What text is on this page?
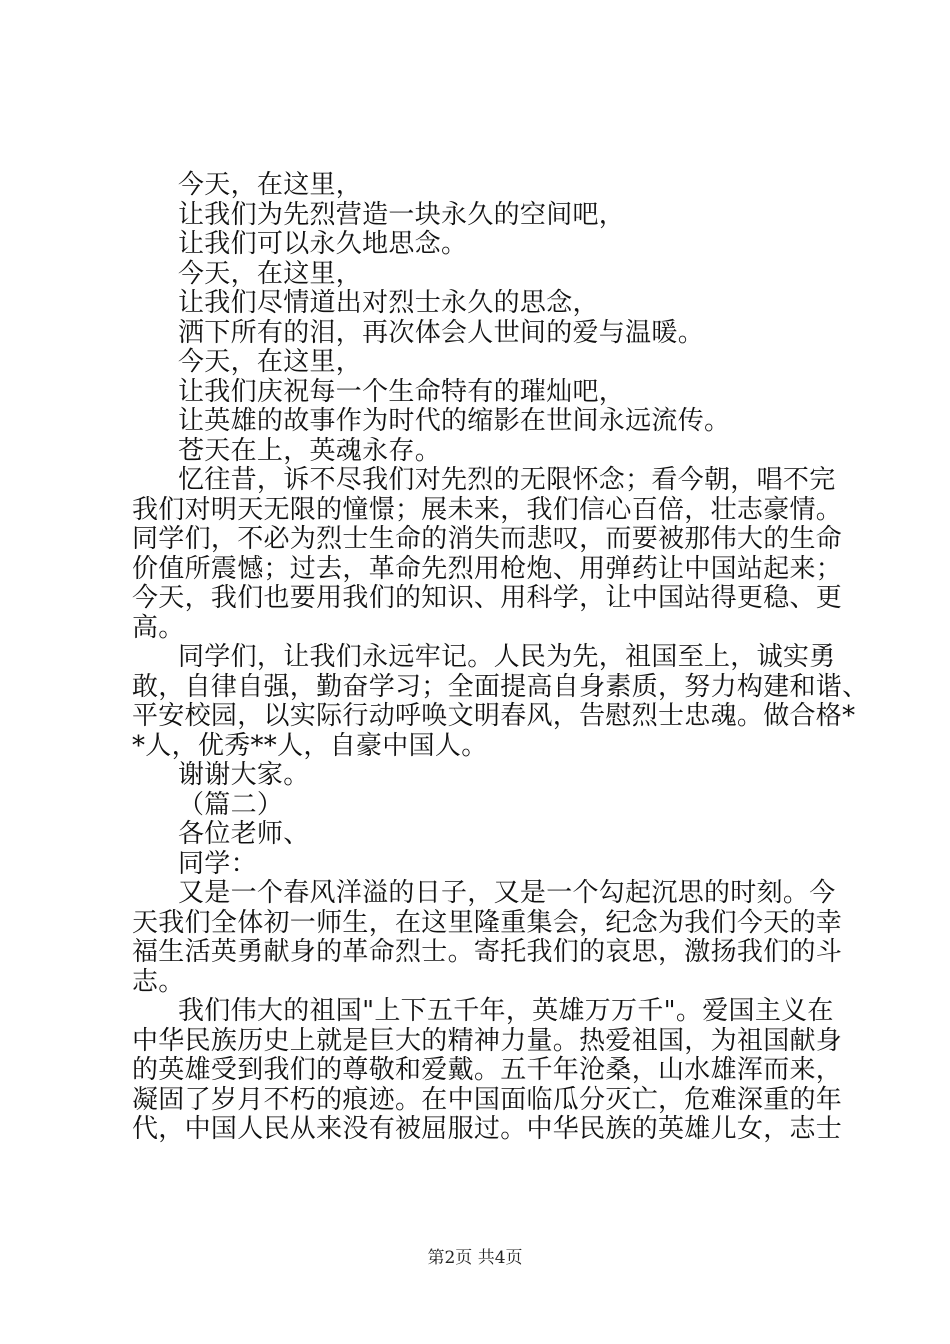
今天，在这里，
让我们为先烈营造一块永久的空间吧，
让我们可以永久地思念。
今天，在这里，
让我们尽情道出对烈士永久的思念，
洒下所有的泪，再次体会人世间的爱与温暖。
今天，在这里，
让我们庆祝每一个生命特有的璀灿吧，
让英雄的故事作为时代的缩影在世间永远流传。
苍天在上，英魂永存。
忆往昔，诉不尽我们对先烈的无限怀念；看今朝，唱不完
我们对明天无限的憧憬；展未来，我们信心百倍，壮志豪情。
同学们，不必为烈士生命的消失而悲叹，而要被那伟大的生命
价值所震憾；过去，革命先烈用枪炮、用弹药让中国站起来；
今天，我们也要用我们的知识、用科学，让中国站得更稳、更
高。
同学们，让我们永远牢记。人民为先，祖国至上，诚实勇
敢，自律自强，勤奋学习；全面提高自身素质，努力构建和谐、
平安校园，以实际行动呼唤文明春风，告慰烈士忠魂。做合格*
*人，优秀**人，自豪中国人。
谢谢大家。
（篇二）
各位老师、
同学：
又是一个春风洋溢的日子，又是一个勾起沉思的时刻。今
天我们全体初一师生，在这里隆重集会，纪念为我们今天的幸
福生活英勇献身的革命烈士。寄托我们的哀思，激扬我们的斗
志。
我们伟大的祖国"上下五千年，英雄万万千"。爱国主义在
中华民族历史上就是巨大的精神力量。热爱祖国，为祖国献身
的英雄受到我们的尊敬和爱戴。五千年沧桑，山水雄浑而来，
凝固了岁月不朽的痕迹。在中国面临瓜分灭亡，危难深重的年
代，中国人民从来没有被屈服过。中华民族的英雄儿女，志士
第2页 共4页
